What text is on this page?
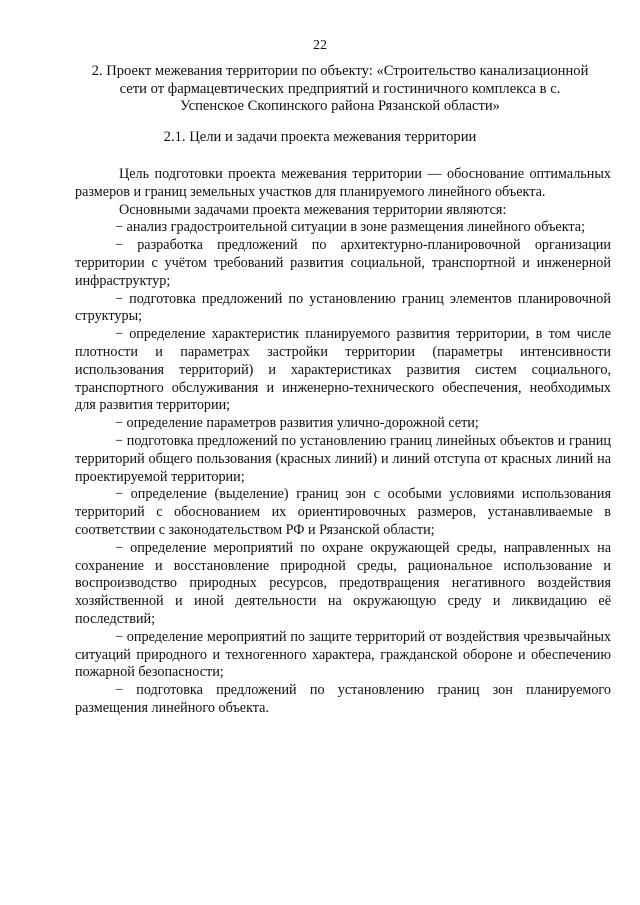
22
2. Проект межевания территории по объекту: «Строительство канализационной сети от фармацевтических предприятий и гостиничного комплекса в с. Успенское Скопинского района Рязанской области»
2.1. Цели и задачи проекта межевания территории

Цель подготовки проекта межевания территории — обоснование оптимальных размеров и границ земельных участков для планируемого линейного объекта.

Основными задачами проекта межевания территории являются:

− анализ градостроительной ситуации в зоне размещения линейного объекта;

− разработка предложений по архитектурно-планировочной организации территории с учётом требований развития социальной, транспортной и инженерной инфраструктур;

− подготовка предложений по установлению границ элементов планировочной структуры;

− определение характеристик планируемого развития территории, в том числе плотности и параметрах застройки территории (параметры интенсивности использования территорий) и характеристиках развития систем социального, транспортного обслуживания и инженерно-технического обеспечения, необходимых для развития территории;

− определение параметров развития улично-дорожной сети;

− подготовка предложений по установлению границ линейных объектов и границ территорий общего пользования (красных линий) и линий отступа от красных линий на проектируемой территории;

− определение (выделение) границ зон с особыми условиями использования территорий с обоснованием их ориентировочных размеров, устанавливаемые в соответствии с законодательством РФ и Рязанской области;

− определение мероприятий по охране окружающей среды, направленных на сохранение и восстановление природной среды, рациональное использование и воспроизводство природных ресурсов, предотвращения негативного воздействия хозяйственной и иной деятельности на окружающую среду и ликвидацию её последствий;

− определение мероприятий по защите территорий от воздействия чрезвычайных ситуаций природного и техногенного характера, гражданской обороне и обеспечению пожарной безопасности;

− подготовка предложений по установлению границ зон планируемого размещения линейного объекта.
